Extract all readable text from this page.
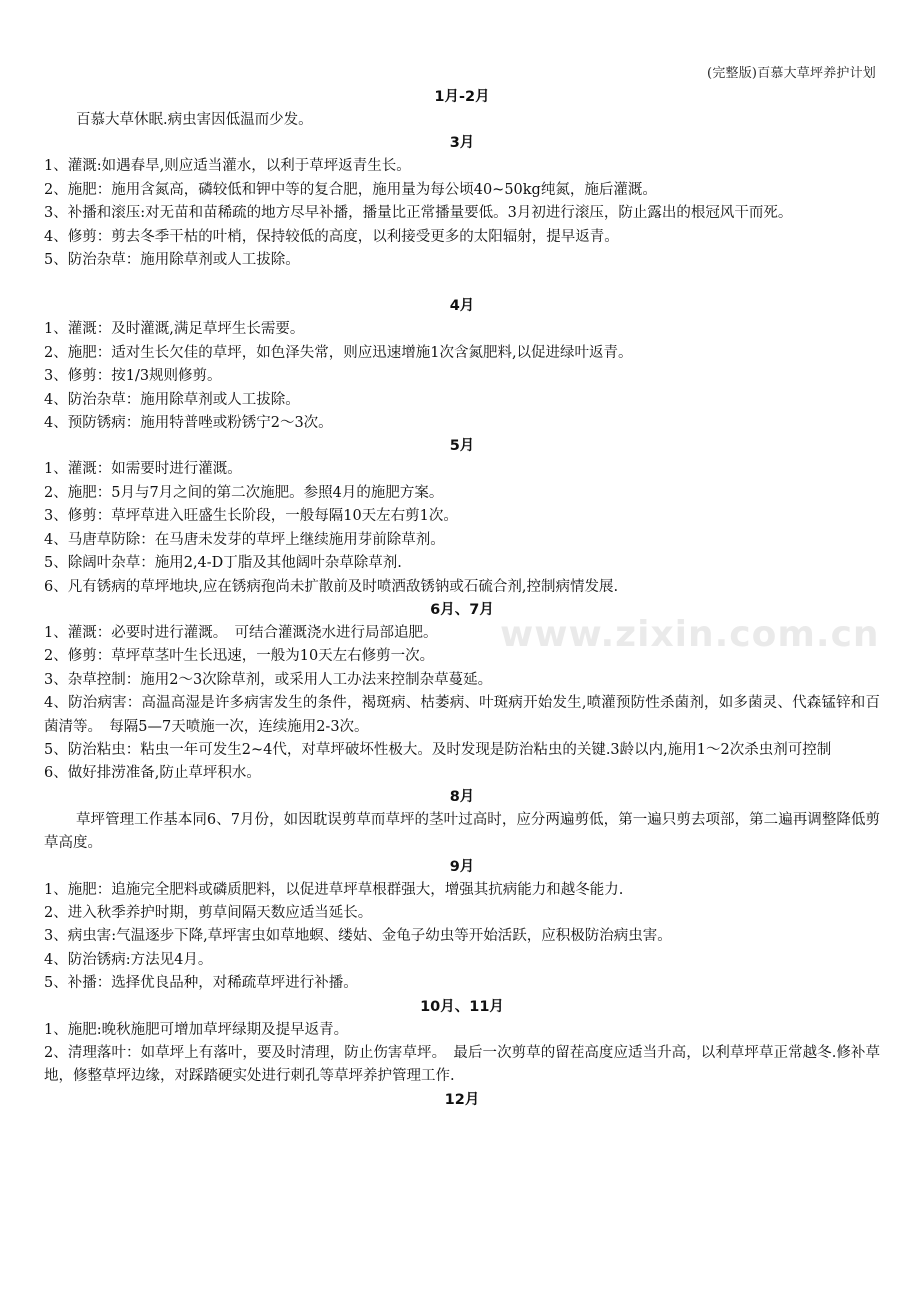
(完整版)百慕大草坪养护计划
www.zixin.com.cn
1月-2月
百慕大草休眠.病虫害因低温而少发。
3月
1、灌溉:如遇春旱,则应适当灌水，以利于草坪返青生长。
2、施肥：施用含氮高，磷较低和钾中等的复合肥，施用量为每公顷40~50kg纯氮，施后灌溉。
3、补播和滚压:对无苗和苗稀疏的地方尽早补播，播量比正常播量要低。3月初进行滚压，防止露出的根冠风干而死。
4、修剪：剪去冬季干枯的叶梢，保持较低的高度，以利接受更多的太阳辐射，提早返青。
5、防治杂草：施用除草剂或人工拔除。
4月
1、灌溉：及时灌溉,满足草坪生长需要。
2、施肥：适对生长欠佳的草坪，如色泽失常，则应迅速增施1次含氮肥料,以促进绿叶返青。
3、修剪：按1/3规则修剪。
4、防治杂草：施用除草剂或人工拔除。
4、预防锈病：施用特普唑或粉锈宁2～3次。
5月
1、灌溉：如需要时进行灌溉。
2、施肥：5月与7月之间的第二次施肥。参照4月的施肥方案。
3、修剪：草坪草进入旺盛生长阶段，一般每隔10天左右剪1次。
4、马唐草防除：在马唐未发芽的草坪上继续施用芽前除草剂。
5、除阔叶杂草：施用2,4-D丁脂及其他阔叶杂草除草剂.
6、凡有锈病的草坪地块,应在锈病孢尚未扩散前及时喷洒敌锈钠或石硫合剂,控制病情发展.
6月、7月
1、灌溉：必要时进行灌溉。　可结合灌溉浇水进行局部追肥。
2、修剪：草坪草茎叶生长迅速，一般为10天左右修剪一次。
3、杂草控制：施用2～3次除草剂，或采用人工办法来控制杂草蔓延。
4、防治病害：高温高湿是许多病害发生的条件，褐斑病、枯萎病、叶斑病开始发生,喷灌预防性杀菌剂，如多菌灵、代森锰锌和百菌清等。　每隔5—7天喷施一次，连续施用2-3次。
5、防治粘虫：粘虫一年可发生2~4代，对草坪破坏性极大。及时发现是防治粘虫的关键.3龄以内,施用1～2次杀虫剂可控制
6、做好排涝准备,防止草坪积水。
8月
草坪管理工作基本同6、7月份，如因耽误剪草而草坪的茎叶过高时，应分两遍剪低，第一遍只剪去项部，第二遍再调整降低剪草高度。
9月
1、施肥：追施完全肥料或磷质肥料，以促进草坪草根群强大，增强其抗病能力和越冬能力.
2、进入秋季养护时期，剪草间隔天数应适当延长。
3、病虫害:气温逐步下降,草坪害虫如草地螟、缕姑、金龟子幼虫等开始活跃，应积极防治病虫害。
4、防治锈病:方法见4月。
5、补播：选择优良品种，对稀疏草坪进行补播。
10月、11月
1、施肥:晚秋施肥可增加草坪绿期及提早返青。
2、清理落叶：如草坪上有落叶，要及时清理，防止伤害草坪。　最后一次剪草的留茬高度应适当升高，以利草坪草正常越冬.修补草地，修整草坪边缘，对踩踏硬实处进行刺孔等草坪养护管理工作.
12月
